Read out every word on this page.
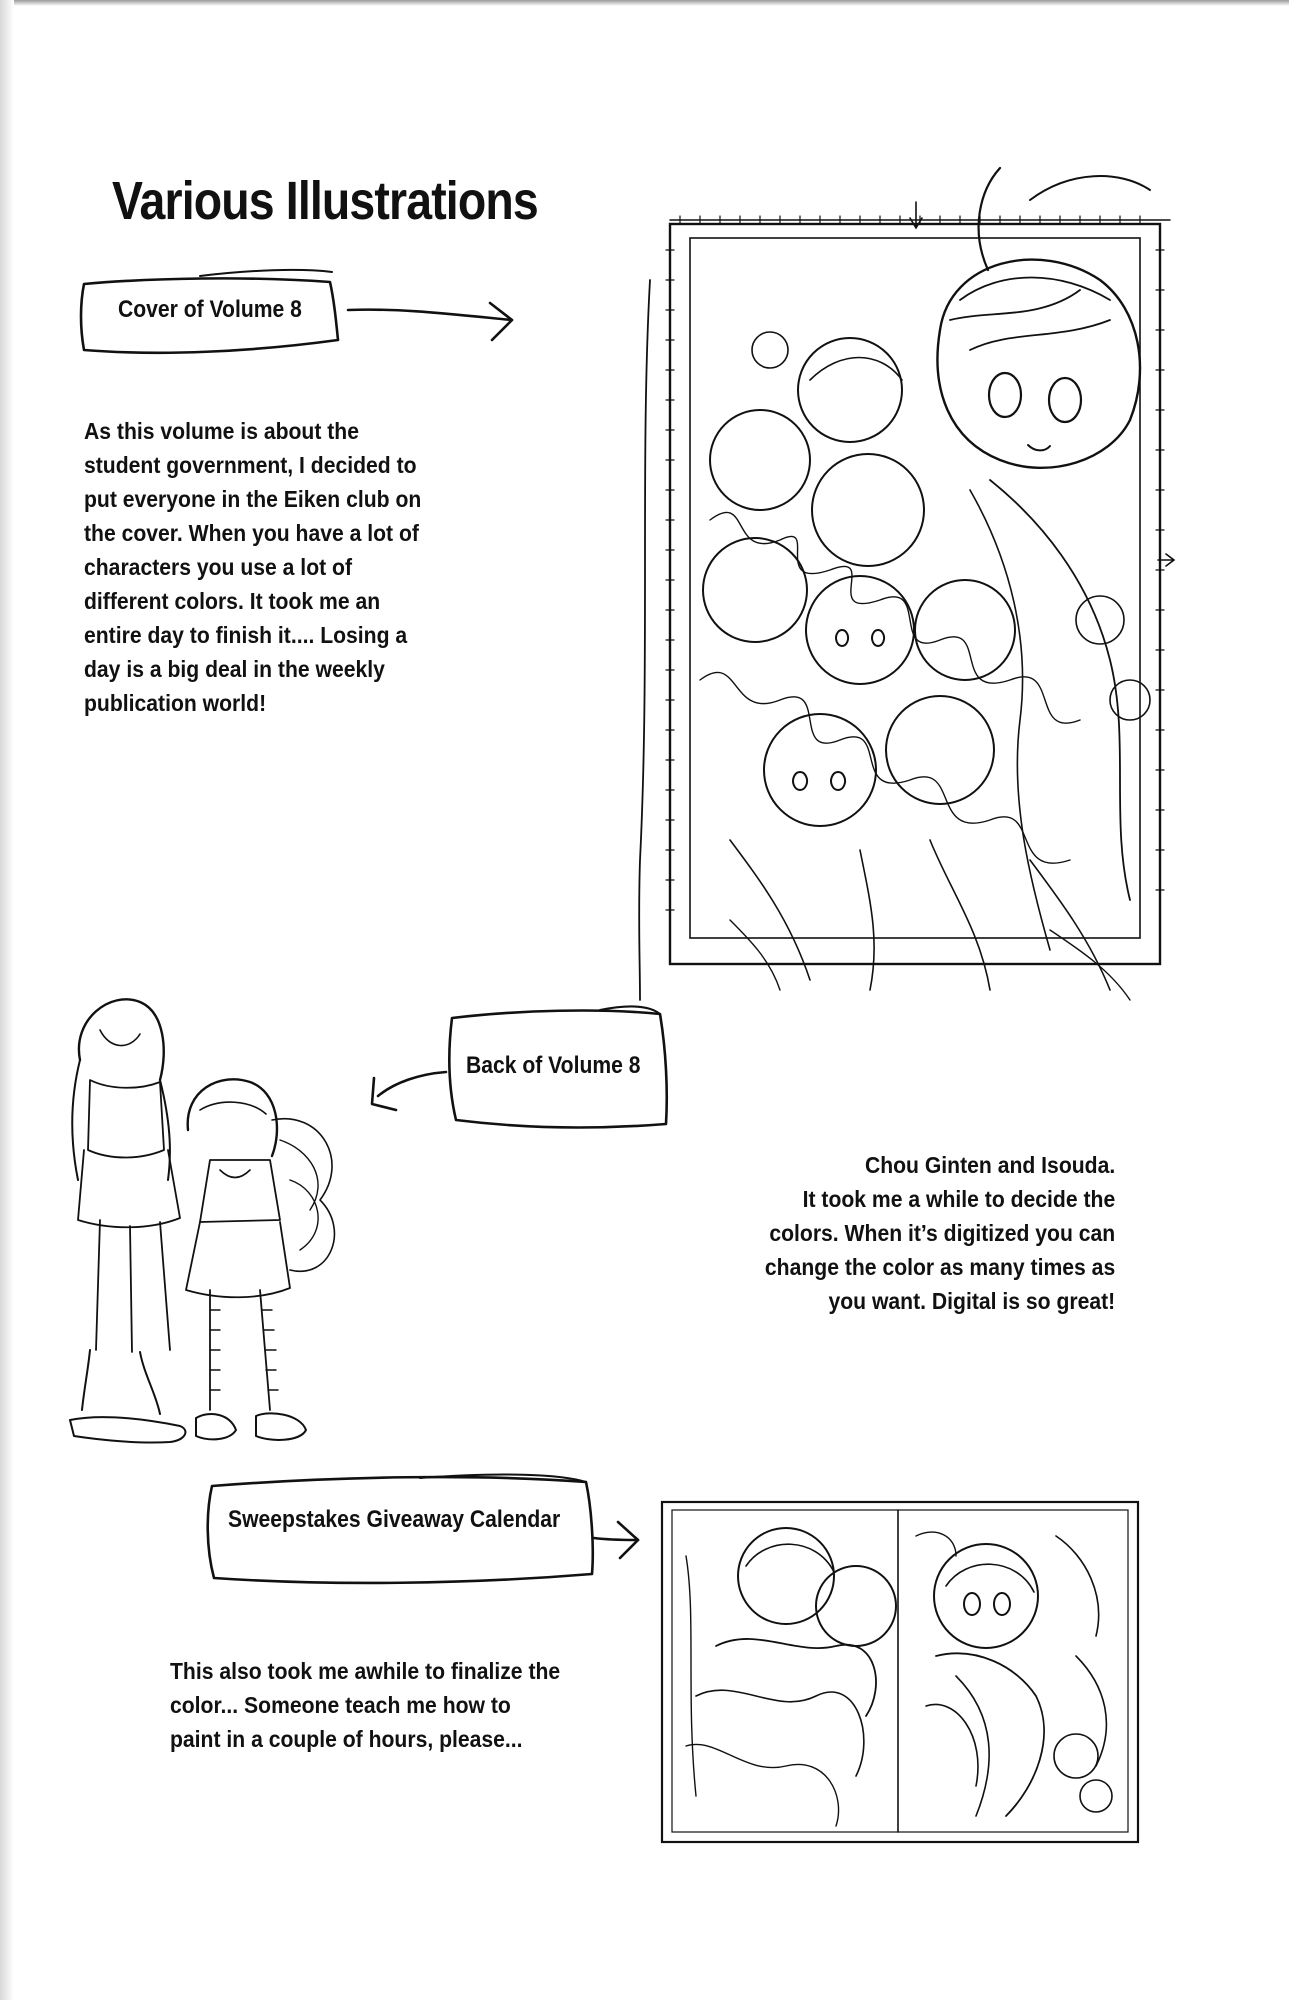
Various Illustrations
Cover of Volume 8
Back of Volume 8
Sweepstakes Giveaway Calendar
As this volume is about the
student government, I decided to
put everyone in the Eiken club on
the cover. When you have a lot of
characters you use a lot of
different colors. It took me an
entire day to finish it.... Losing a
day is a big deal in the weekly
publication world!
Chou Ginten and Isouda.
It took me a while to decide the
colors. When it’s digitized you can
change the color as many times as
you want. Digital is so great!
This also took me awhile to finalize the
color... Someone teach me how to
paint in a couple of hours, please...
